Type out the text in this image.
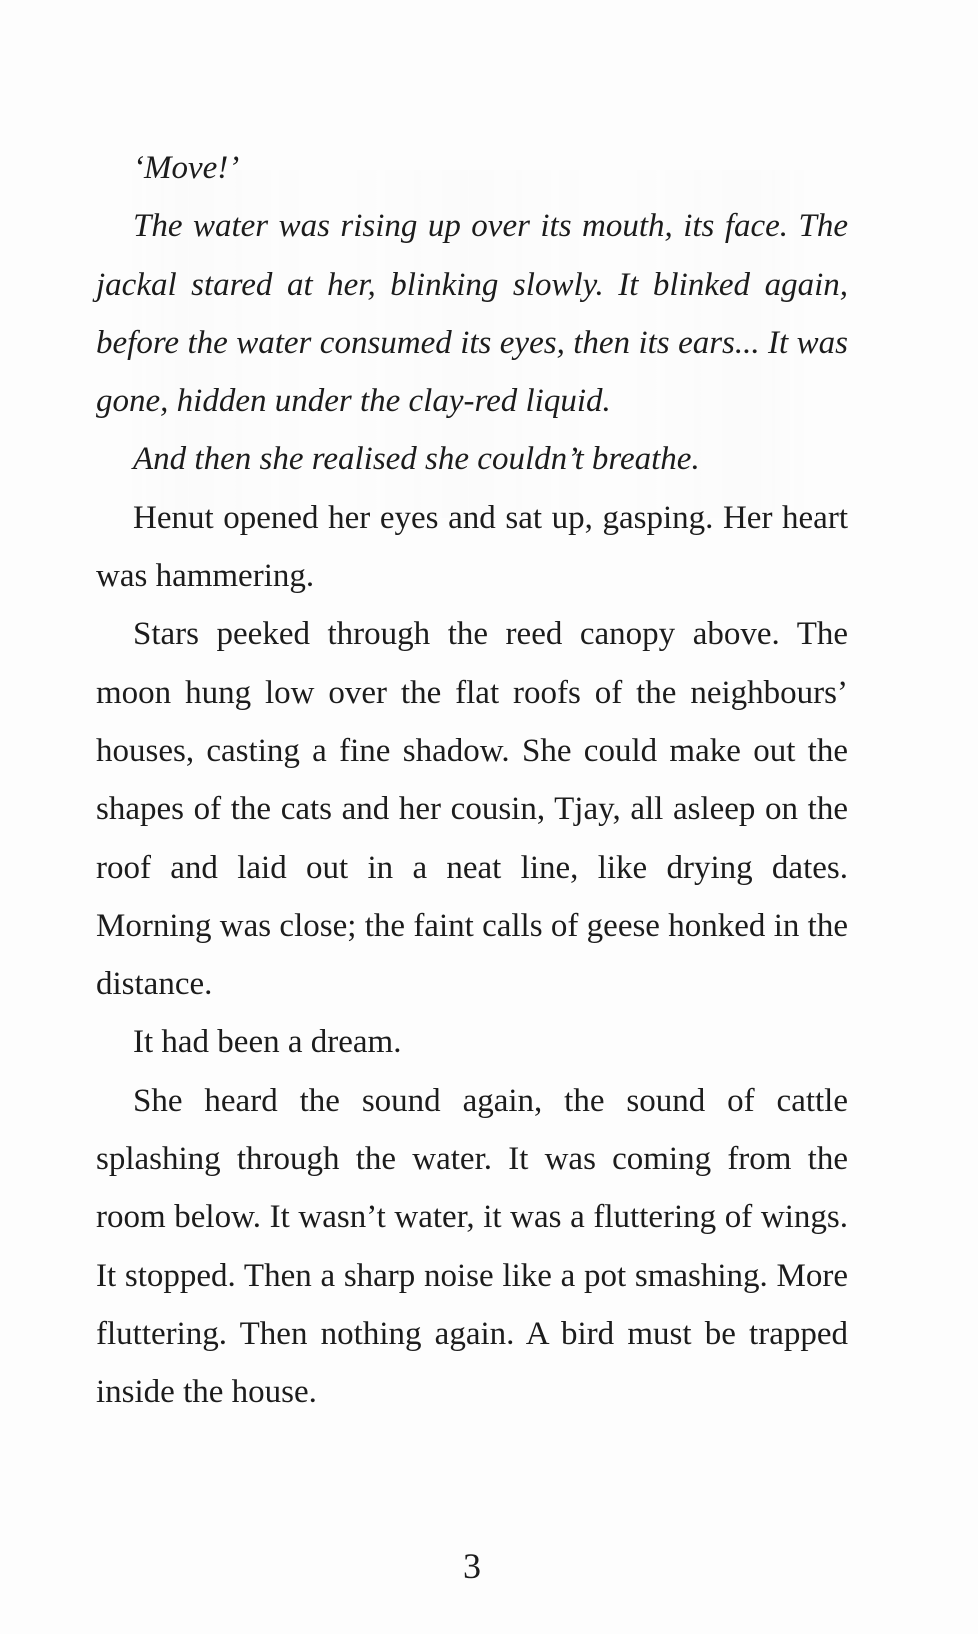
‘Move!’

The water was rising up over its mouth, its face. The jackal stared at her, blinking slowly. It blinked again, before the water consumed its eyes, then its ears... It was gone, hidden under the clay-red liquid.

And then she realised she couldn’t breathe.

Henut opened her eyes and sat up, gasping. Her heart was hammering.

Stars peeked through the reed canopy above. The moon hung low over the flat roofs of the neighbours’ houses, casting a fine shadow. She could make out the shapes of the cats and her cousin, Tjay, all asleep on the roof and laid out in a neat line, like drying dates. Morning was close; the faint calls of geese honked in the distance.

It had been a dream.

She heard the sound again, the sound of cattle splashing through the water. It was coming from the room below. It wasn’t water, it was a fluttering of wings. It stopped. Then a sharp noise like a pot smashing. More fluttering. Then nothing again. A bird must be trapped inside the house.

3
